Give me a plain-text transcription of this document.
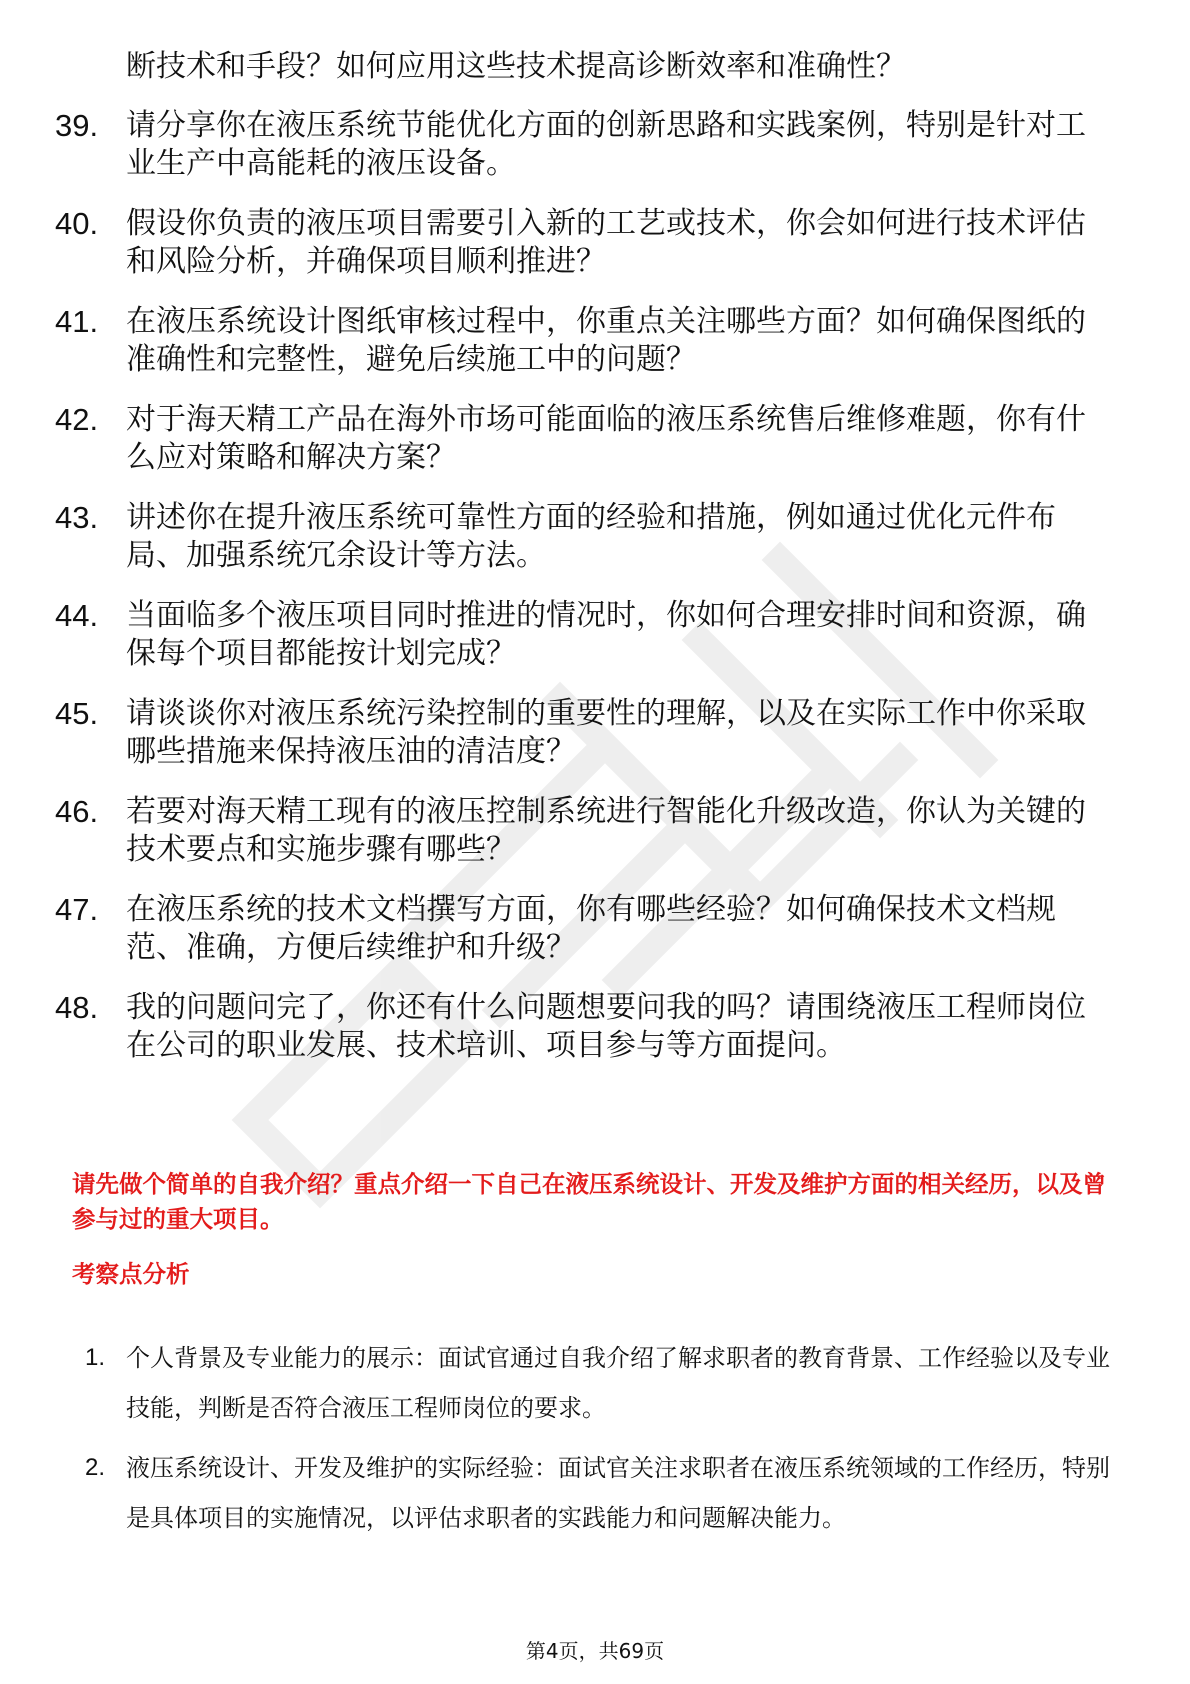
断技术和手段？如何应用这些技术提高诊断效率和准确性？
39. 请分享你在液压系统节能优化方面的创新思路和实践案例，特别是针对工业生产中高能耗的液压设备。
40. 假设你负责的液压项目需要引入新的工艺或技术，你会如何进行技术评估和风险分析，并确保项目顺利推进？
41. 在液压系统设计图纸审核过程中，你重点关注哪些方面？如何确保图纸的准确性和完整性，避免后续施工中的问题？
42. 对于海天精工产品在海外市场可能面临的液压系统售后维修难题，你有什么应对策略和解决方案？
43. 讲述你在提升液压系统可靠性方面的经验和措施，例如通过优化元件布局、加强系统冗余设计等方法。
44. 当面临多个液压项目同时推进的情况时，你如何合理安排时间和资源，确保每个项目都能按计划完成？
45. 请谈谈你对液压系统污染控制的重要性的理解，以及在实际工作中你采取哪些措施来保持液压油的清洁度？
46. 若要对海天精工现有的液压控制系统进行智能化升级改造，你认为关键的技术要点和实施步骤有哪些？
47. 在液压系统的技术文档撰写方面，你有哪些经验？如何确保技术文档规范、准确，方便后续维护和升级？
48. 我的问题问完了，你还有什么问题想要问我的吗？请围绕液压工程师岗位在公司的职业发展、技术培训、项目参与等方面提问。
请先做个简单的自我介绍？重点介绍一下自己在液压系统设计、开发及维护方面的相关经历，以及曾参与过的重大项目。
考察点分析
1. 个人背景及专业能力的展示：面试官通过自我介绍了解求职者的教育背景、工作经验以及专业技能，判断是否符合液压工程师岗位的要求。
2. 液压系统设计、开发及维护的实际经验：面试官关注求职者在液压系统领域的工作经历，特别是具体项目的实施情况，以评估求职者的实践能力和问题解决能力。
第4页，共69页
